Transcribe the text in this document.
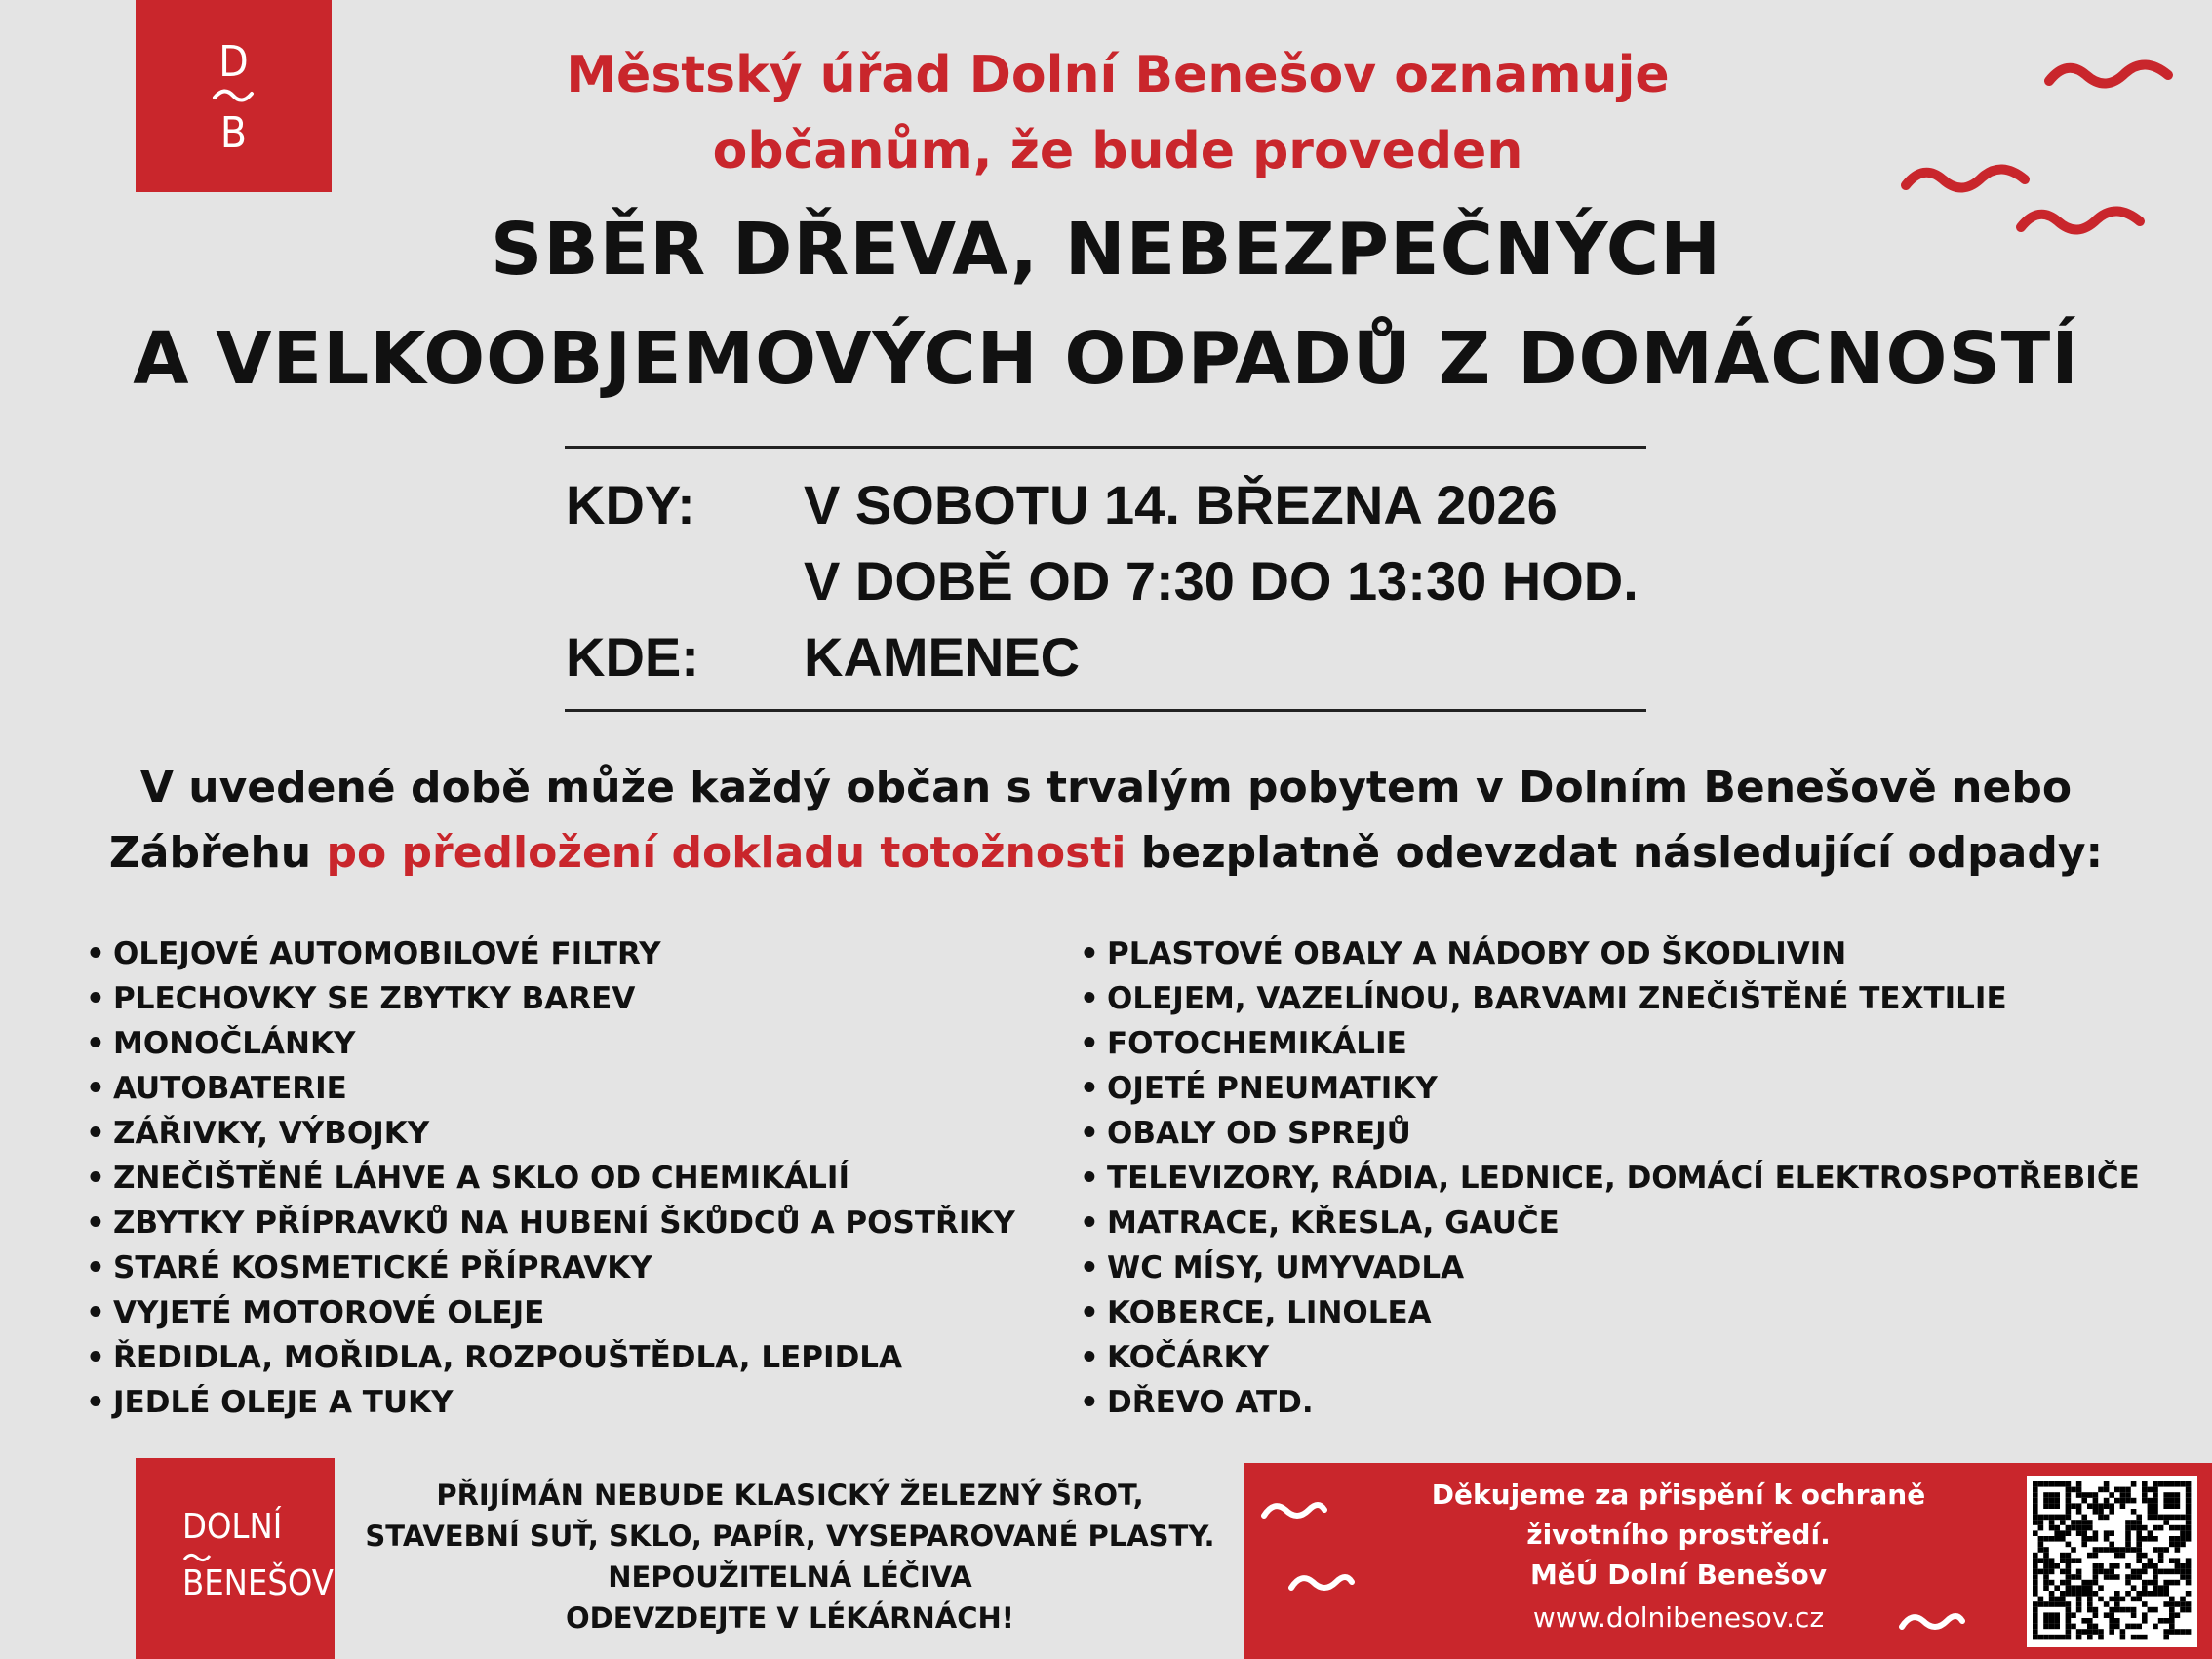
D
B
Městský úřad Dolní Benešov oznamuje
občanům, že bude proveden
SBĚR DŘEVA, NEBEZPEČNÝCH
A VELKOOBJEMOVÝCH ODPADŮ Z DOMÁCNOSTÍ
KDY: V SOBOTU 14. BŘEZNA 2026
V DOBĚ OD 7:30 DO 13:30 HOD.
KDE: KAMENEC
V uvedené době může každý občan s trvalým pobytem v Dolním Benešově nebo
Zábřehu po předložení dokladu totožnosti bezplatně odevzdat následující odpady:
• OLEJOVÉ AUTOMOBILOVÉ FILTRY
• PLECHOVKY SE ZBYTKY BAREV
• MONOČLÁNKY
• AUTOBATERIE
• ZÁŘIVKY, VÝBOJKY
• ZNEČIŠTĚNÉ LÁHVE A SKLO OD CHEMIKÁLIÍ
• ZBYTKY PŘÍPRAVKŮ NA HUBENÍ ŠKŮDCŮ A POSTŘIKY
• STARÉ KOSMETICKÉ PŘÍPRAVKY
• VYJETÉ MOTOROVÉ OLEJE
• ŘEDIDLA, MOŘIDLA, ROZPOUŠTĚDLA, LEPIDLA
• JEDLÉ OLEJE A TUKY
• PLASTOVÉ OBALY A NÁDOBY OD ŠKODLIVIN
• OLEJEM, VAZELÍNOU, BARVAMI ZNEČIŠTĚNÉ TEXTILIE
• FOTOCHEMIKÁLIE
• OJETÉ PNEUMATIKY
• OBALY OD SPREJŮ
• TELEVIZORY, RÁDIA, LEDNICE, DOMÁCÍ ELEKTROSPOTŘEBIČE
• MATRACE, KŘESLA, GAUČE
• WC MÍSY, UMYVADLA
• KOBERCE, LINOLEA
• KOČÁRKY
• DŘEVO ATD.
DOLNÍ
BENEŠOV
PŘIJÍMÁN NEBUDE KLASICKÝ ŽELEZNÝ ŠROT,
STAVEBNÍ SUŤ, SKLO, PAPÍR, VYSEPAROVANÉ PLASTY.
NEPOUŽITELNÁ LÉČIVA
ODEVZDEJTE V LÉKÁRNÁCH!
Děkujeme za přispění k ochraně
životního prostředí.
MěÚ Dolní Benešov
www.dolnibenesov.cz
